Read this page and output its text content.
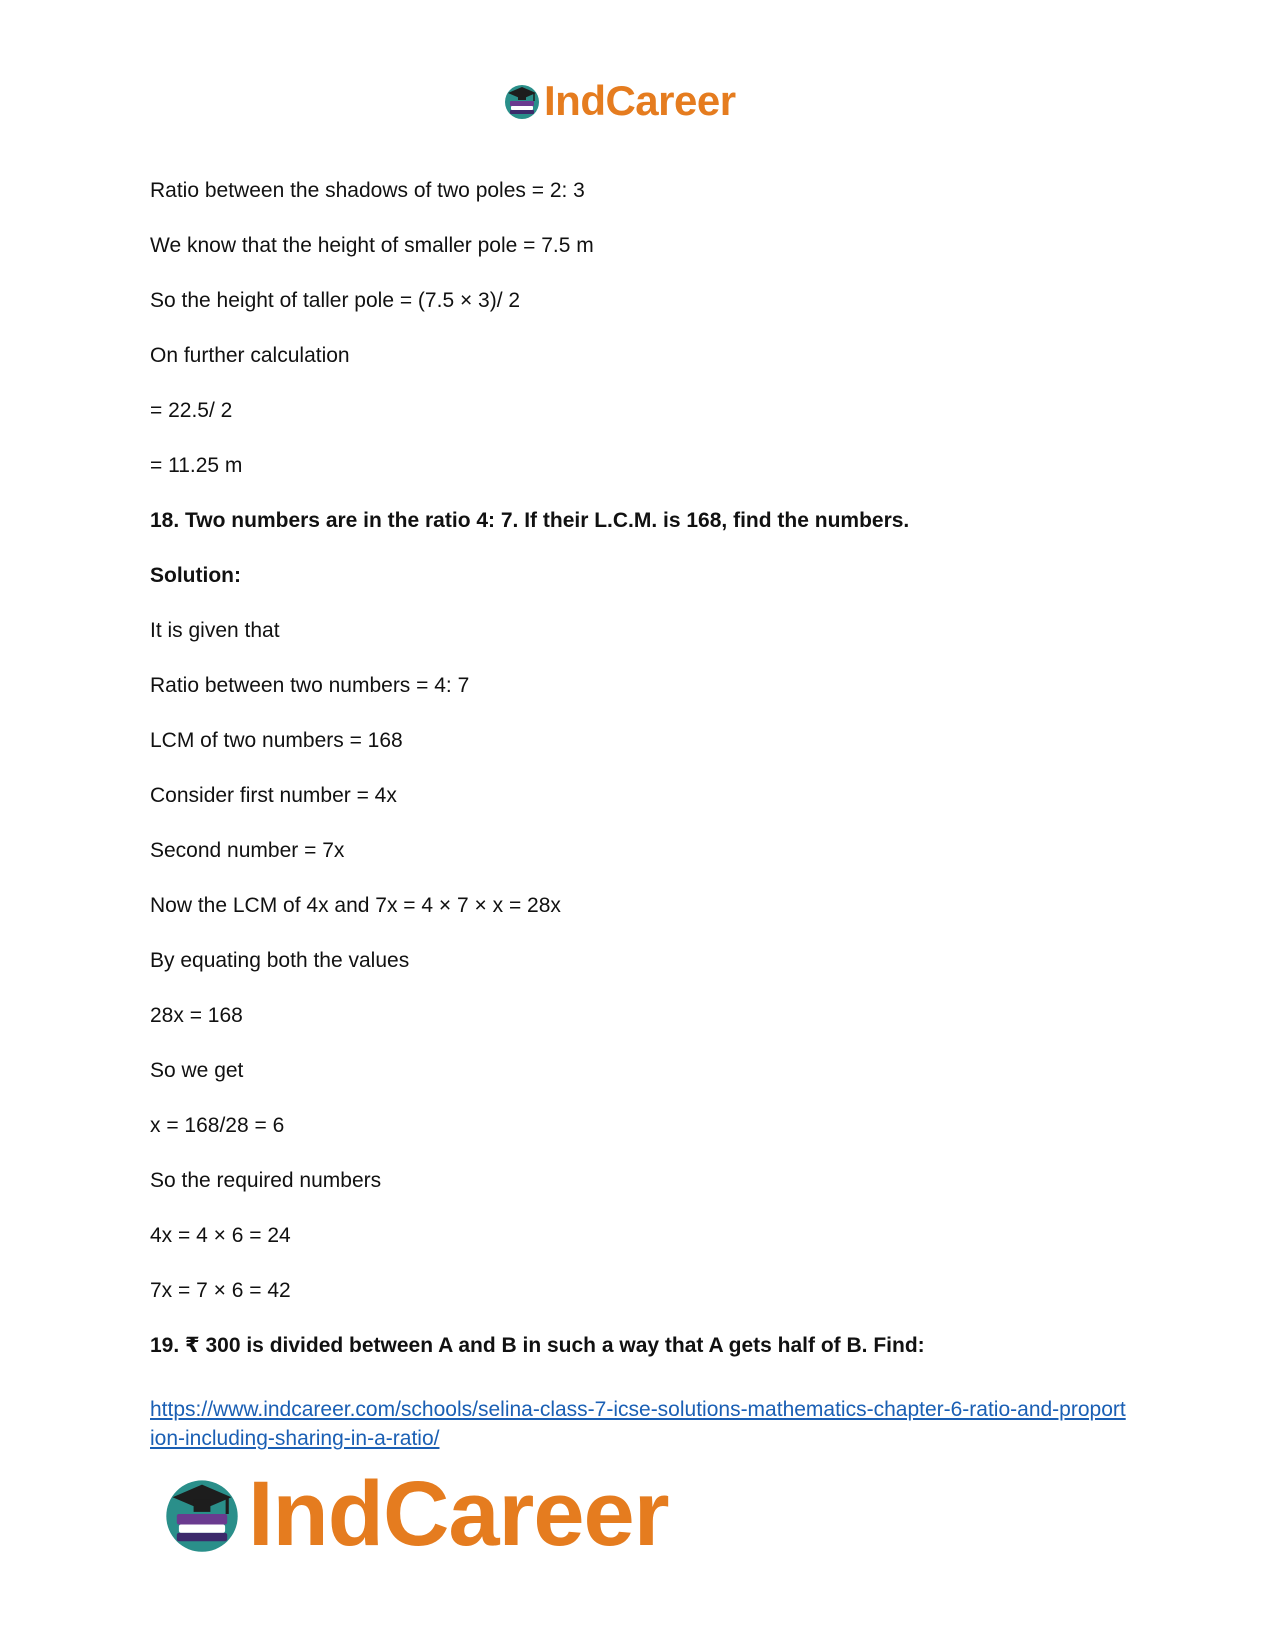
IndCareer
Ratio between the shadows of two poles = 2: 3
We know that the height of smaller pole = 7.5 m
So the height of taller pole = (7.5 × 3)/ 2
On further calculation
= 22.5/ 2
= 11.25 m
18. Two numbers are in the ratio 4: 7. If their L.C.M. is 168, find the numbers.
Solution:
It is given that
Ratio between two numbers = 4: 7
LCM of two numbers = 168
Consider first number = 4x
Second number = 7x
Now the LCM of 4x and 7x = 4 × 7 × x = 28x
By equating both the values
28x = 168
So we get
x = 168/28 = 6
So the required numbers
4x = 4 × 6 = 24
7x = 7 × 6 = 42
19. ₹ 300 is divided between A and B in such a way that A gets half of B. Find:
https://www.indcareer.com/schools/selina-class-7-icse-solutions-mathematics-chapter-6-ratio-and-proportion-including-sharing-in-a-ratio/
IndCareer
